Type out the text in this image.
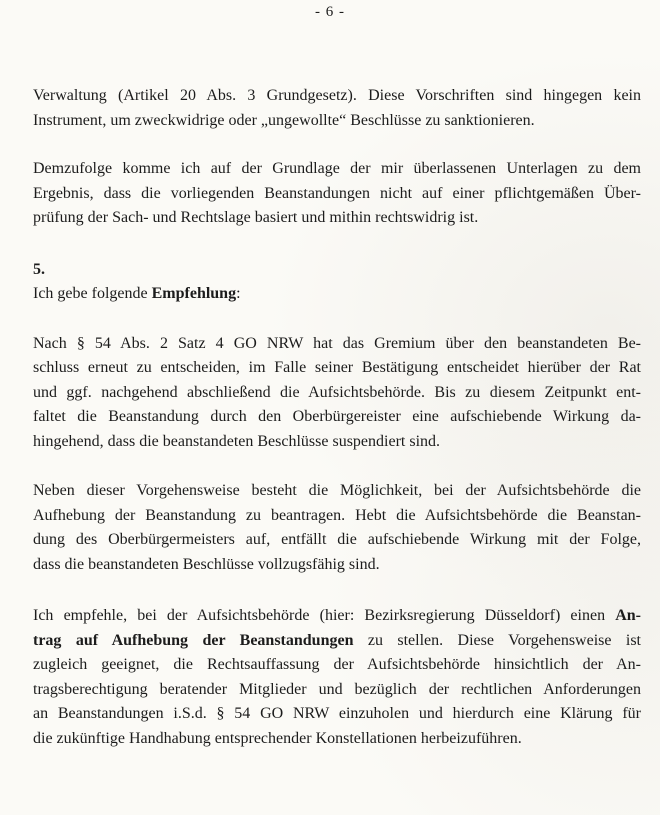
- 6 -

Verwaltung (Artikel 20 Abs. 3 Grundgesetz). Diese Vorschriften sind hingegen kein
Instrument, um zweckwidrige oder „ungewollte“ Beschlüsse zu sanktionieren.

Demzufolge komme ich auf der Grundlage der mir überlassenen Unterlagen zu dem
Ergebnis, dass die vorliegenden Beanstandungen nicht auf einer pflichtgemäßen Über-
prüfung der Sach- und Rechtslage basiert und mithin rechtswidrig ist.

5.

Ich gebe folgende Empfehlung:

Nach § 54 Abs. 2 Satz 4 GO NRW hat das Gremium über den beanstandeten Be-
schluss erneut zu entscheiden, im Falle seiner Bestätigung entscheidet hierüber der Rat
und ggf. nachgehend abschließend die Aufsichtsbehörde. Bis zu diesem Zeitpunkt ent-
faltet die Beanstandung durch den Oberbürgereister eine aufschiebende Wirkung da-
hingehend, dass die beanstandeten Beschlüsse suspendiert sind.

Neben dieser Vorgehensweise besteht die Möglichkeit, bei der Aufsichtsbehörde die
Aufhebung der Beanstandung zu beantragen. Hebt die Aufsichtsbehörde die Beanstan-
dung des Oberbürgermeisters auf, entfällt die aufschiebende Wirkung mit der Folge,
dass die beanstandeten Beschlüsse vollzugsfähig sind.

Ich empfehle, bei der Aufsichtsbehörde (hier: Bezirksregierung Düsseldorf) einen An-
trag auf Aufhebung der Beanstandungen zu stellen. Diese Vorgehensweise ist
zugleich geeignet, die Rechtsauffassung der Aufsichtsbehörde hinsichtlich der An-
tragsberechtigung beratender Mitglieder und bezüglich der rechtlichen Anforderungen
an Beanstandungen i.S.d. § 54 GO NRW einzuholen und hierdurch eine Klärung für
die zukünftige Handhabung entsprechender Konstellationen herbeizuführen.
